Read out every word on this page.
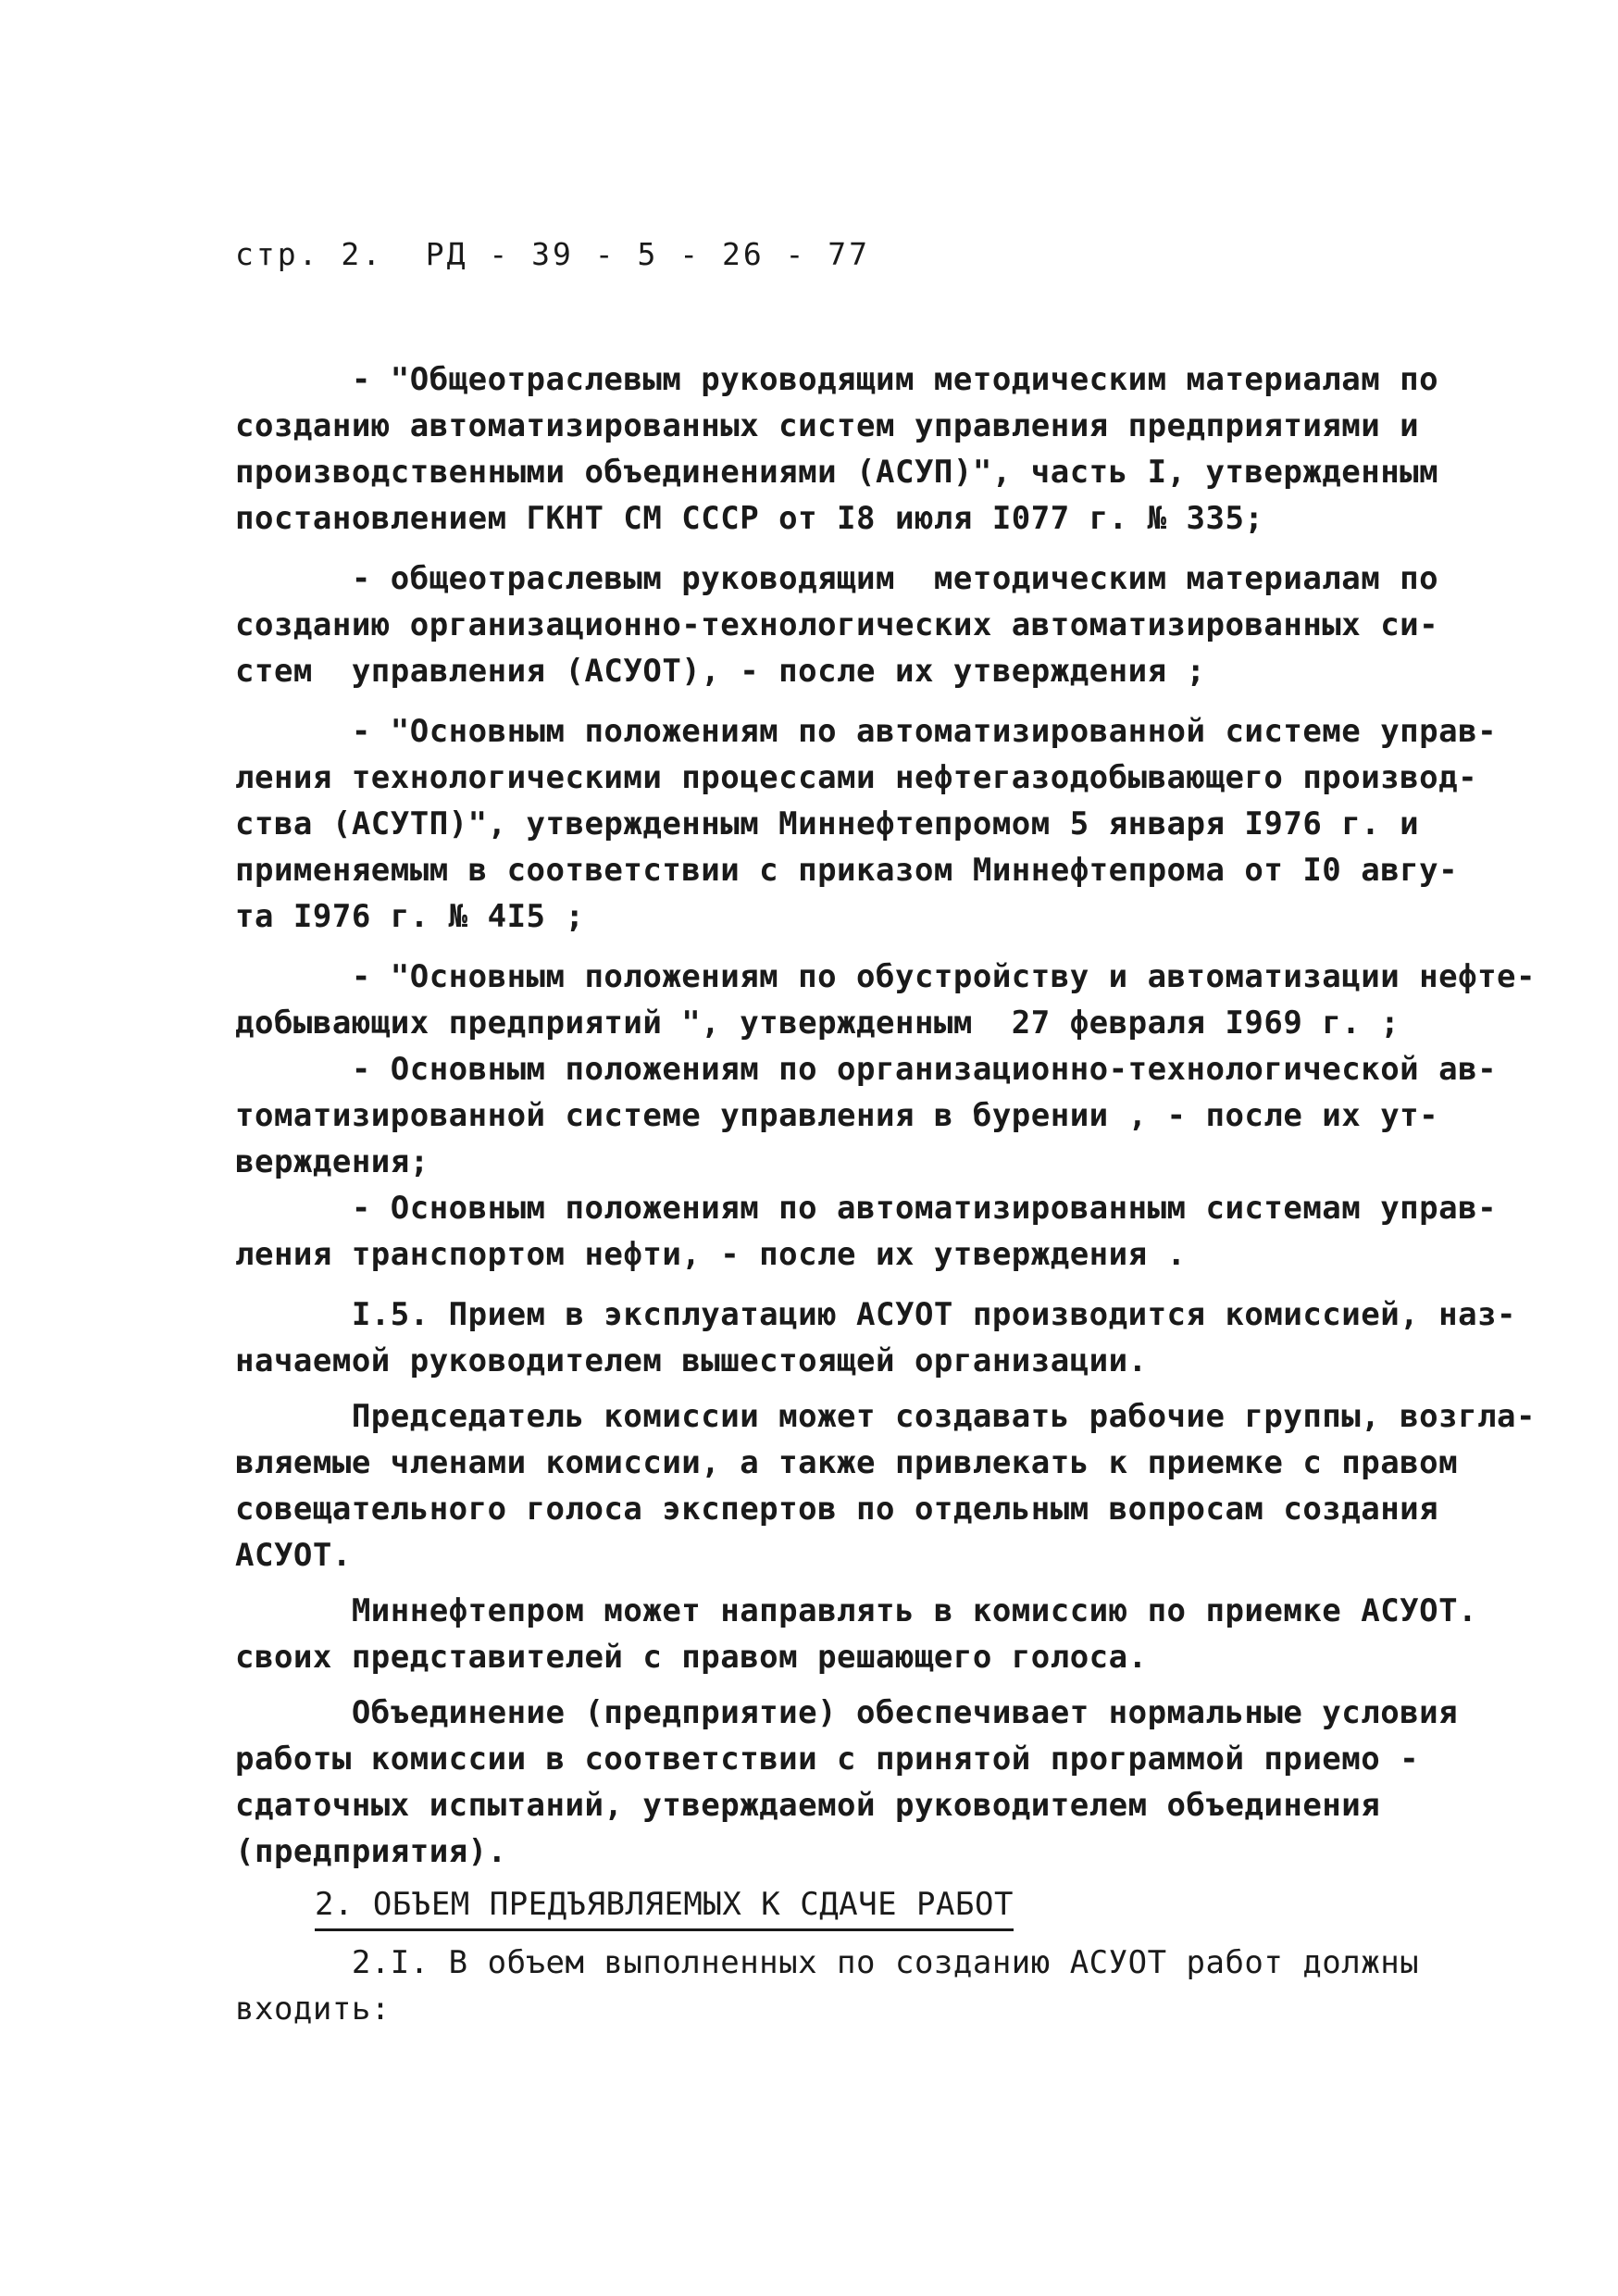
стр. 2.  РД - 39 - 5 - 26 - 77
- "Общеотраслевым руководящим методическим материалам по
созданию автоматизированных систем управления предприятиями и
производственными объединениями (АСУП)", часть I, утвержденным
постановлением ГКНТ СМ СССР от I8 июля I077 г. № 335;
- общеотраслевым руководящим  методическим материалам по
созданию организационно-технологических автоматизированных си-
стем  управления (АСУОТ), - после их утверждения ;
- "Основным положениям по автоматизированной системе управ-
ления технологическими процессами нефтегазодобывающего производ-
ства (АСУТП)", утвержденным Миннефтепромом 5 января I976 г. и
применяемым в соответствии с приказом Миннефтепрома от I0 авгу-
та I976 г. № 4I5 ;
- "Основным положениям по обустройству и автоматизации нефте-
добывающих предприятий ", утвержденным  27 февраля I969 г. ;
- Основным положениям по организационно-технологической ав-
томатизированной системе управления в бурении , - после их ут-
верждения;
- Основным положениям по автоматизированным системам управ-
ления транспортом нефти, - после их утверждения .
I.5. Прием в эксплуатацию АСУОТ производится комиссией, наз-
начаемой руководителем вышестоящей организации.
Председатель комиссии может создавать рабочие группы, возгла-
вляемые членами комиссии, а также привлекать к приемке с правом
совещательного голоса экспертов по отдельным вопросам создания
АСУОТ.
Миннефтепром может направлять в комиссию по приемке АСУОТ.
своих представителей с правом решающего голоса.
Объединение (предприятие) обеспечивает нормальные условия
работы комиссии в соответствии с принятой программой приемо -
сдаточных испытаний, утверждаемой руководителем объединения
(предприятия).
2.I. В объем выполненных по созданию АСУОТ работ должны
входить:
2. ОБЪЕМ ПРЕДЪЯВЛЯЕМЫХ К СДАЧЕ РАБОТ
